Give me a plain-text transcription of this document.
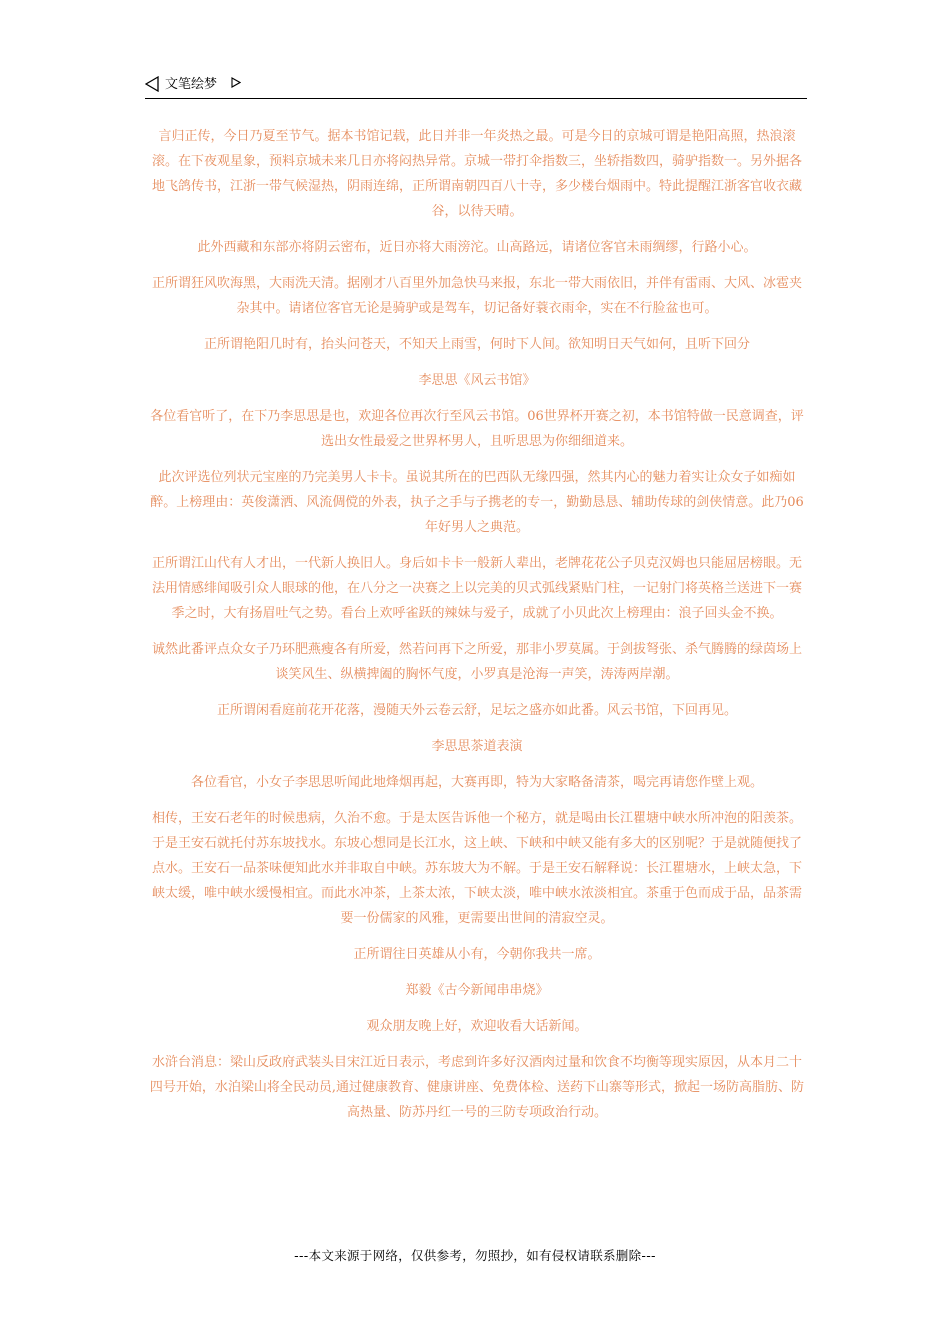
文笔绘梦

言归正传，今日乃夏至节气。据本书馆记载，此日并非一年炎热之最。可是今日的京城可谓是艳阳高照，热浪滚滚。在下夜观星象，预料京城未来几日亦将闷热异常。京城一带打伞指数三，坐轿指数四，骑驴指数一。另外据各地飞鸽传书，江浙一带气候湿热，阴雨连绵，正所谓南朝四百八十寺，多少楼台烟雨中。特此提醒江浙客官收衣藏谷，以待天晴。

此外西藏和东部亦将阴云密布，近日亦将大雨滂沱。山高路远，请诸位客官未雨绸缪，行路小心。

正所谓狂风吹海黑，大雨洗天清。据刚才八百里外加急快马来报，东北一带大雨依旧，并伴有雷雨、大风、冰雹夹杂其中。请诸位客官无论是骑驴或是驾车，切记备好蓑衣雨伞，实在不行脸盆也可。

正所谓艳阳几时有，抬头问苍天，不知天上雨雪，何时下人间。欲知明日天气如何，且听下回分

李思思《风云书馆》

各位看官听了，在下乃李思思是也，欢迎各位再次行至风云书馆。06世界杯开赛之初，本书馆特做一民意调查，评选出女性最爱之世界杯男人，且听思思为你细细道来。

此次评选位列状元宝座的乃完美男人卡卡。虽说其所在的巴西队无缘四强，然其内心的魅力着实让众女子如痴如醉。上榜理由：英俊潇洒、风流倜傥的外表，执子之手与子携老的专一，勤勤恳恳、辅助传球的剑侠情意。此乃06年好男人之典范。

正所谓江山代有人才出，一代新人换旧人。身后如卡卡一般新人辈出，老牌花花公子贝克汉姆也只能屈居榜眼。无法用情感绯闻吸引众人眼球的他，在八分之一决赛之上以完美的贝式弧线紧贴门柱，一记射门将英格兰送进下一赛季之时，大有扬眉吐气之势。看台上欢呼雀跃的辣妹与爱子，成就了小贝此次上榜理由：浪子回头金不换。

诚然此番评点众女子乃环肥燕瘦各有所爱，然若问再下之所爱，那非小罗莫属。于剑拔弩张、杀气腾腾的绿茵场上谈笑风生、纵横捭阖的胸怀气度，小罗真是沧海一声笑，涛涛两岸潮。

正所谓闲看庭前花开花落，漫随天外云卷云舒，足坛之盛亦如此番。风云书馆，下回再见。

李思思茶道表演

各位看官，小女子李思思听闻此地烽烟再起，大赛再即，特为大家略备清茶，喝完再请您作壁上观。

相传，王安石老年的时候患病，久治不愈。于是太医告诉他一个秘方，就是喝由长江瞿塘中峡水所冲泡的阳羡茶。于是王安石就托付苏东坡找水。东坡心想同是长江水，这上峡、下峡和中峡又能有多大的区别呢？于是就随便找了点水。王安石一品茶味便知此水并非取自中峡。苏东坡大为不解。于是王安石解释说：长江瞿塘水，上峡太急，下峡太缓，唯中峡水缓慢相宜。而此水冲茶，上茶太浓，下峡太淡，唯中峡水浓淡相宜。茶重于色而成于品，品茶需要一份儒家的风雅，更需要出世间的清寂空灵。

正所谓往日英雄从小有，今朝你我共一席。

郑毅《古今新闻串串烧》

观众朋友晚上好，欢迎收看大话新闻。

水浒台消息：梁山反政府武装头目宋江近日表示，考虑到许多好汉酒肉过量和饮食不均衡等现实原因，从本月二十四号开始，水泊梁山将全民动员,通过健康教育、健康讲座、免费体检、送药下山寨等形式，掀起一场防高脂肪、防高热量、防苏丹红一号的三防专项政治行动。

---本文来源于网络，仅供参考，勿照抄，如有侵权请联系删除---
